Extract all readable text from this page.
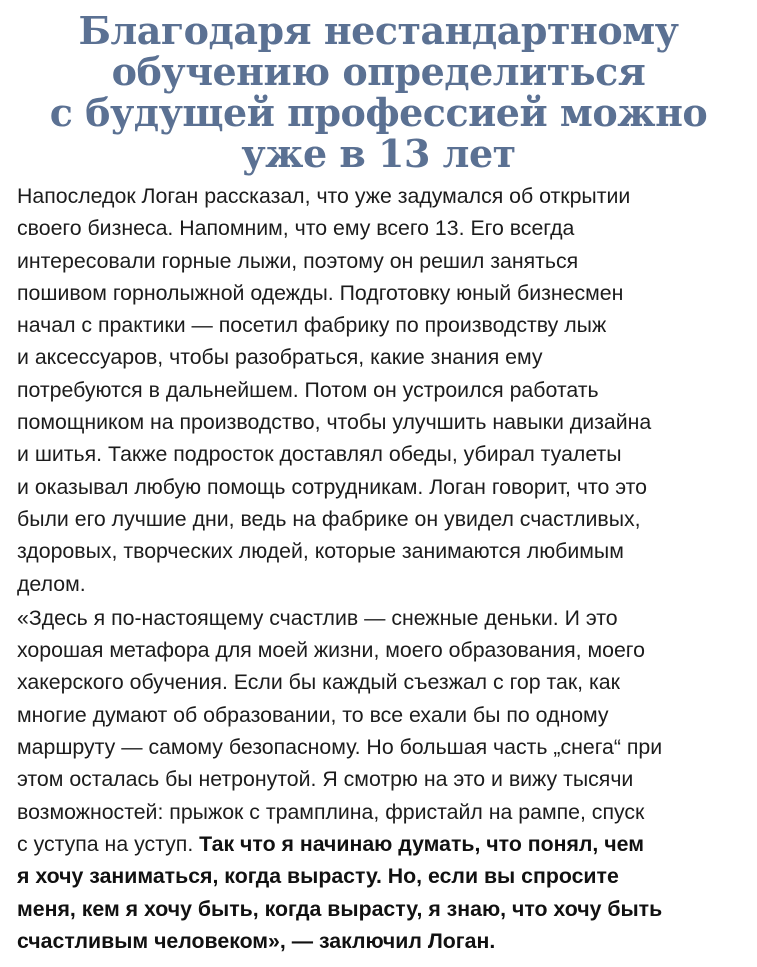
Благодаря нестандартному
обучению определиться
с будущей профессией можно
уже в 13 лет

Напоследок Логан рассказал, что уже задумался об открытии
своего бизнеса. Напомним, что ему всего 13. Его всегда
интересовали горные лыжи, поэтому он решил заняться
пошивом горнолыжной одежды. Подготовку юный бизнесмен
начал с практики — посетил фабрику по производству лыж
и аксессуаров, чтобы разобраться, какие знания ему
потребуются в дальнейшем. Потом он устроился работать
помощником на производство, чтобы улучшить навыки дизайна
и шитья. Также подросток доставлял обеды, убирал туалеты
и оказывал любую помощь сотрудникам. Логан говорит, что это
были его лучшие дни, ведь на фабрике он увидел счастливых,
здоровых, творческих людей, которые занимаются любимым
делом.

«Здесь я по-настоящему счастлив — снежные деньки. И это
хорошая метафора для моей жизни, моего образования, моего
хакерского обучения. Если бы каждый съезжал с гор так, как
многие думают об образовании, то все ехали бы по одному
маршруту — самому безопасному. Но большая часть „снега“ при
этом осталась бы нетронутой. Я смотрю на это и вижу тысячи
возможностей: прыжок с трамплина, фристайл на рампе, спуск
с уступа на уступ. Так что я начинаю думать, что понял, чем
я хочу заниматься, когда вырасту. Но, если вы спросите
меня, кем я хочу быть, когда вырасту, я знаю, что хочу быть
счастливым человеком», — заключил Логан.
